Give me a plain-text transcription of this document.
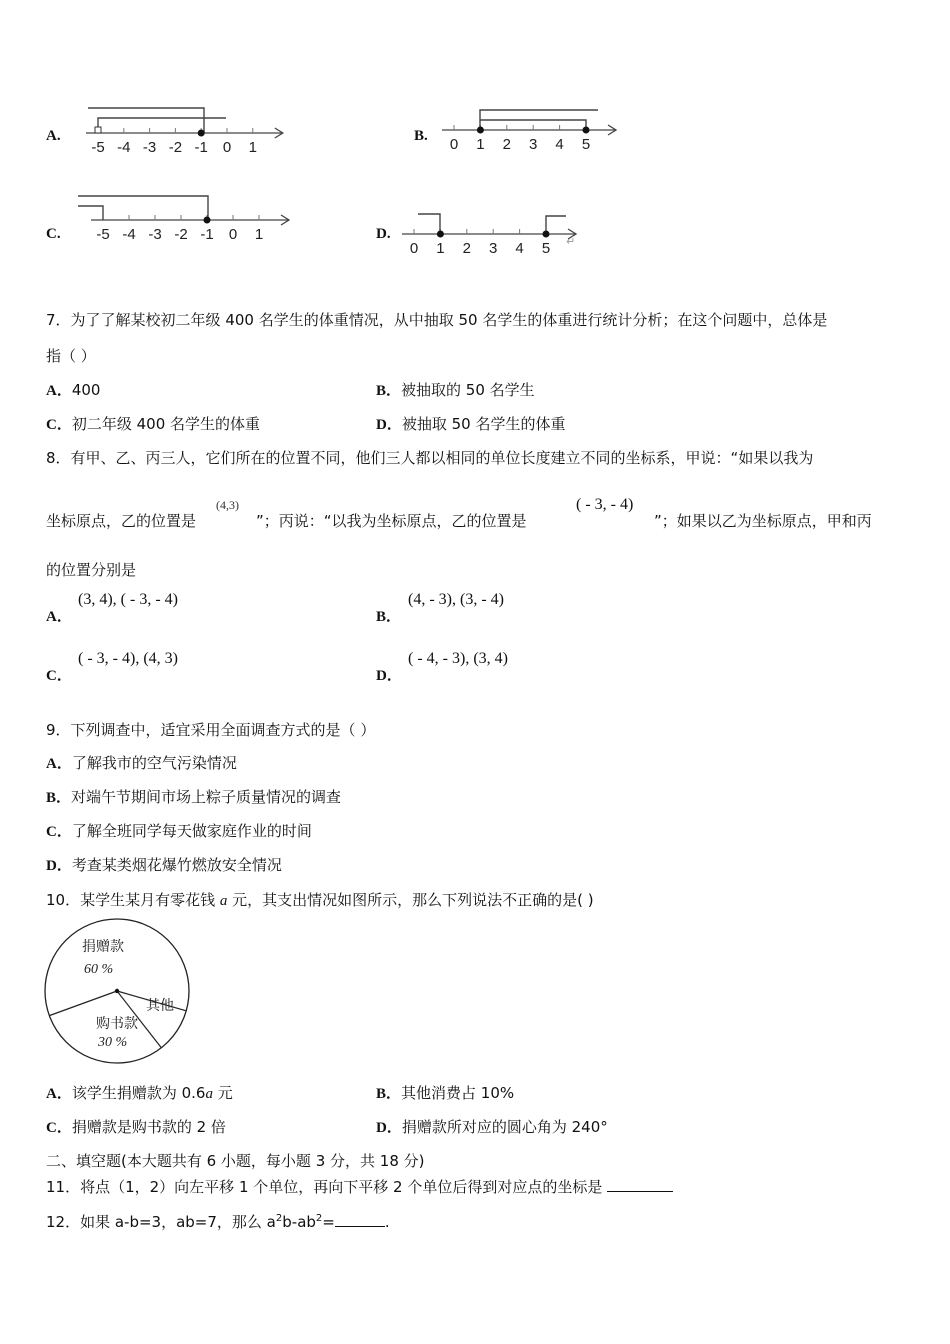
A.
-5 -4 -3 -2 -1 0 1
B. 0 1 2 3 4 5
C. -5 -4 -3 -2 -1 0 1	D.
0 1 2 3 4 5 ↵
7．为了了解某校初二年级 400 名学生的体重情况，从中抽取 50 名学生的体重进行统计分析；在这个问题中，总体是
指（ ）
A．400	B．被抽取的 50 名学生
C．初二年级 400 名学生的体重	D．被抽取 50 名学生的体重
8．有甲、乙、丙三人，它们所在的位置不同，他们三人都以相同的单位长度建立不同的坐标系，甲说：“如果以我为
坐标原点，乙的位置是
(4,3)
”；丙说：“以我为坐标原点，乙的位置是
( - 3, - 4)
”；如果以乙为坐标原点，甲和丙
的位置分别是
A．
(3, 4), ( - 3, - 4)
B．
(4, - 3), (3, - 4)
C．
( - 3, - 4), (4, 3)
D．
( - 4, - 3), (3, 4)
9．下列调查中，适宜采用全面调查方式的是（ ）
A．了解我市的空气污染情况
B．对端午节期间市场上粽子质量情况的调查
C．了解全班同学每天做家庭作业的时间
D．考查某类烟花爆竹燃放安全情况
10．某学生某月有零花钱 a 元，其支出情况如图所示，那么下列说法不正确的是( )
捐赠款
60 %
其他
购书款
30 %
A．该学生捐赠款为 0.6a 元	B．其他消费占 10%
C．捐赠款是购书款的 2 倍	D．捐赠款所对应的圆心角为 240°
二、填空题(本大题共有 6 小题，每小题 3 分，共 18 分)
11．将点（1，2）向左平移 1 个单位，再向下平移 2 个单位后得到对应点的坐标是
12．如果 a-b=3，ab=7，那么 $a^2b-ab^2=$	.
